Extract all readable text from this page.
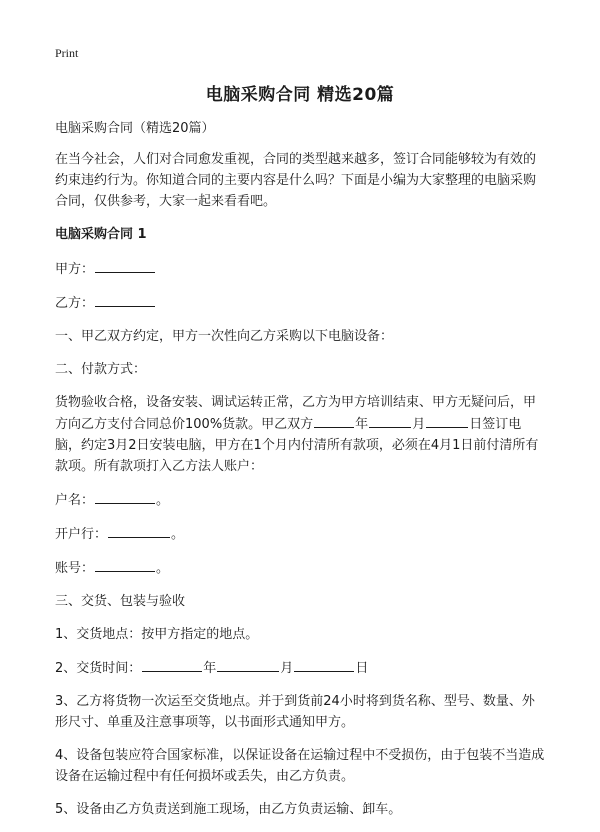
Print
电脑采购合同 精选20篇

电脑采购合同（精选20篇）

在当今社会，人们对合同愈发重视，合同的类型越来越多，签订合同能够较为有效的约束违约行为。你知道合同的主要内容是什么吗？下面是小编为大家整理的电脑采购合同，仅供参考，大家一起来看看吧。

电脑采购合同 1

甲方：

乙方：

一、甲乙双方约定，甲方一次性向乙方采购以下电脑设备：

二、付款方式：

货物验收合格，设备安装、调试运转正常，乙方为甲方培训结束、甲方无疑问后，甲方向乙方支付合同总价100%货款。甲乙双方	年	月	日签订电脑，约定3月2日安装电脑，甲方在1个月内付清所有款项，必须在4月1日前付清所有款项。所有款项打入乙方法人账户：

户名：	。

开户行：	。

账号：	。

三、交货、包装与验收

1、交货地点：按甲方指定的地点。

2、交货时间：	年	月	日

3、乙方将货物一次运至交货地点。并于到货前24小时将到货名称、型号、数量、外形尺寸、单重及注意事项等，以书面形式通知甲方。

4、设备包装应符合国家标准，以保证设备在运输过程中不受损伤，由于包装不当造成设备在运输过程中有任何损坏或丢失，由乙方负责。

5、设备由乙方负责送到施工现场，由乙方负责运输、卸车。
